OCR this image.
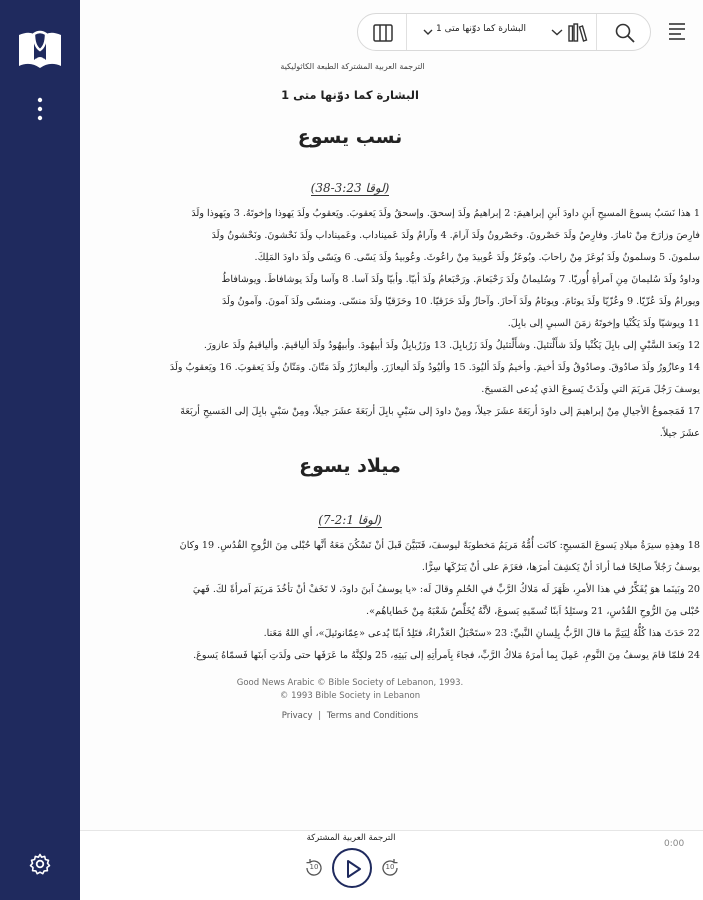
البشارة كما دوّنها متى 1
الترجمة العربية المشتركة الطبعة الكاثوليكية
البشارة كما دوّنها متى 1
نسب يسوع
(لوقا 3:23-38)
1 هذا نَسَبُ يسوعَ المسيحِ اَبنِ داودَ اَبنِ إبراهيمَ: 2 إبراهيمُ ولَدَ إسحقَ. وإسحقُ ولَدَ يَعقوبَ. ويَعقوبُ ولَدَ يَهوذا وإخوتَهُ. 3 ويَهوذا ولَدَ
فارِصَ وزارَحَ مِنْ ثامارَ. وفارِصُ ولَدَ حَصْرونَ. وحَصْرونُ ولَدَ آرامَ. 4 وآرامُ ولَدَ عَميناداب. وعَميناداب ولَدَ نَحْشونَ. ونَحْشونُ ولَدَ
سلمونَ. 5 وسلمونُ ولَدَ بُوعَزَ مِنْ راحابَ. وبُوعَزُ ولَدَ عُوبيدَ مِنْ راعُوثَ. وعُوبيدُ ولَدَ يَسّى. 6 ويَسّى ولَدَ داودَ المَلِكَ.
وداودُ ولَدَ سُليمانَ مِنِ اَمرأةِ أُوريّا. 7 وسُليمانُ ولَدَ رَحْبَعامَ. ورَحْبَعامُ ولَدَ أبيّا. وأبيّا ولَدَ آسا. 8 وآسا ولَدَ يوشافاطَ. ويوشافاطُ
ويورامُ ولَدَ عُزّيّا. 9 وعُزّيّا ولَدَ يوثامَ. ويوثامُ ولَدَ آحازَ. وآحازُ ولَدَ حَزَقيّا. 10 وحَزَقيّا ولَدَ منسّى. ومنسّى ولَدَ آمونَ. وآمونُ ولَدَ
11 ويوشيّا ولَدَ يَكُنْيا وإخوتَهُ زمَنَ السبيِ إلى بابِلَ.
12 وبَعدَ السَّبْيِ إلى بابِلَ يَكُنْيا ولَدَ شأَلْتئيلَ. وشأَلْتئيلُ ولَدَ زَرُبابِلَ. 13 وزَرُبابِلُ ولَدَ أبيهُودَ. وأبيهُودُ ولَدَ ألياقيمَ. وألياقيمُ ولَدَ عازورَ.
14 وعازُورُ ولَدَ صادُوقَ. وصادُوقُ ولَدَ أخيمَ. وأخيمُ ولَدَ أليُودَ. 15 وأليُودُ ولَدَ أليعازَرَ. وأليعازَرُ ولَدَ مَتّانَ. ومَتّانُ ولَدَ يَعقوبَ. 16 ويَعقوبُ ولَدَ
يوسفَ رَجُلَ مَريَمَ التي ولَدَتْ يَسوعَ الذي يُدعى المَسيحَ.
17 فَمَجموعُ الأجيالِ مِنْ إبراهيمَ إلى داودَ أربَعَةَ عشَرَ جيلاً، ومِنْ داودَ إلى سَبْيِ بابِلَ أربَعَةَ عشَرَ جيلاً، ومِنْ سَبْيِ بابِلَ إلى المَسيحِ أربَعَةَ
عشَرَ جيلاً.
ميلاد يسوع
(لوقا 2:1-7)
18 وهذِهِ سيرَةُ ميلادِ يَسوعَ المَسيحِ: كانَت أُمُّهُ مَريَمُ مَخطوبَةً ليوسفَ، فَتَبَيَّنَ قَبلَ أنْ تَسْكُنَ مَعَهُ أنَّها حُبْلى مِنَ الرُّوحِ القُدُسِ. 19 وكانَ
يوسفُ رَجُلاً صالِحًا فما أرادَ أنْ يَكشِفَ أمرَها، فعَزَمَ على أنْ يَترُكَها سِرًّا.
20 وبَينَما هوَ يُفَكِّرُ في هذا الأمرِ، ظَهَرَ لَه مَلاكُ الرَّبِّ في الحُلمِ وقالَ لَه: «يا يوسفُ اَبنَ داودَ، لا تَخَفْ أنْ تأخُذَ مَريَمَ اَمرأةً لكَ. فَهيَ
حُبْلى مِنَ الرُّوحِ القُدُسِ، 21 وستَلِدُ اَبنًا تُسمّيهِ يَسوعَ، لأنَّهُ يُخَلِّصُ شَعْبَهُ مِنْ خَطاياهُم».
22 حَدَثَ هذا كُلُّهُ لِيَتِمَّ ما قالَ الرَّبُّ بِلِسانِ النَّبيِّ: 23 «ستَحْبَلُ العَذْراءُ، فتَلِدُ اَبنًا يُدعى «عِمّانوئيلَ»، أي اللهُ مَعَنا.
24 فلمّا قامَ يوسفُ مِنَ النَّومِ، عَمِلَ بِما أمرَهُ مَلاكُ الرَّبِّ، فجاءَ بِاَمرأتِهِ إلى بَيتِهِ، 25 ولكِنَّهُ ما عَرَفَها حتى ولَدَتِ اَبنَها فَسمّاهُ يَسوعَ.
Good News Arabic © Bible Society of Lebanon, 1993.
© 1993 Bible Society in Lebanon
Privacy | Terms and Conditions
الترجمة العربية المشتركة
0:00
10	10
